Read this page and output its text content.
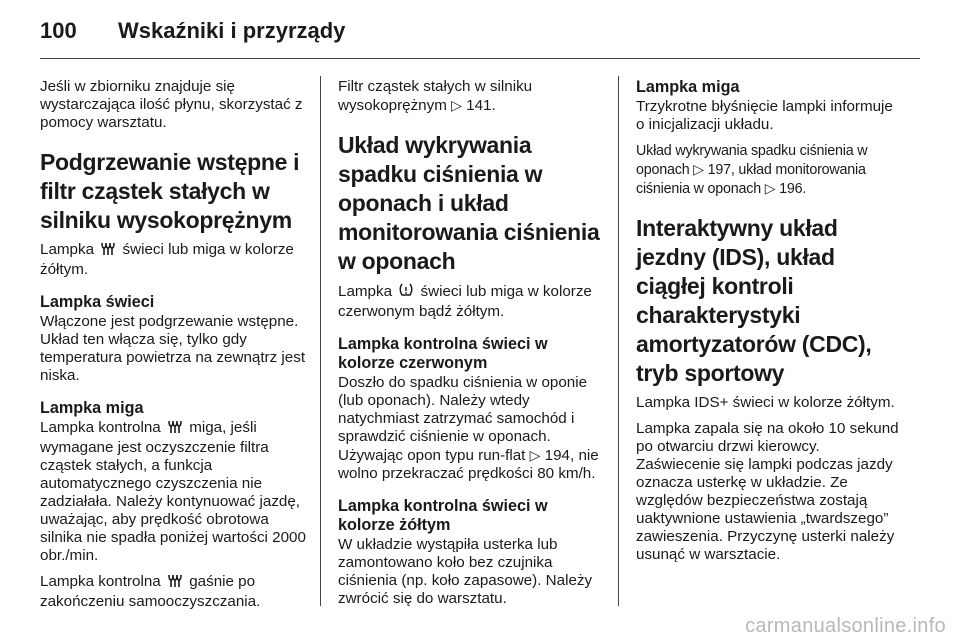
100	Wskaźniki i przyrządy

Jeśli w zbiorniku znajduje się wystarczająca ilość płynu, skorzystać z pomocy warsztatu.

Podgrzewanie wstępne i filtr cząstek stałych w silniku wysokoprężnym

Lampka świeci lub miga w kolorze żółtym.

Lampka świeci

Włączone jest podgrzewanie wstępne. Układ ten włącza się, tylko gdy temperatura powietrza na zewnątrz jest niska.

Lampka miga

Lampka kontrolna miga, jeśli wymagane jest oczyszczenie filtra cząstek stałych, a funkcja automatycznego czyszczenia nie zadziałała. Należy kontynuować jazdę, uważając, aby prędkość obrotowa silnika nie spadła poniżej wartości 2000 obr./min.

Lampka kontrolna gaśnie po zakończeniu samooczyszczania.

Filtr cząstek stałych w silniku wysokoprężnym ▷ 141.

Układ wykrywania spadku ciśnienia w oponach i układ monitorowania ciśnienia w oponach

Lampka świeci lub miga w kolorze czerwonym bądź żółtym.

Lampka kontrolna świeci w kolorze czerwonym

Doszło do spadku ciśnienia w oponie (lub oponach). Należy wtedy natychmiast zatrzymać samochód i sprawdzić ciśnienie w oponach. Używając opon typu run-flat ▷ 194, nie wolno przekraczać prędkości 80 km/h.

Lampka kontrolna świeci w kolorze żółtym

W układzie wystąpiła usterka lub zamontowano koło bez czujnika ciśnienia (np. koło zapasowe). Należy zwrócić się do warsztatu.

Lampka miga

Trzykrotne błyśnięcie lampki informuje o inicjalizacji układu.

Układ wykrywania spadku ciśnienia w oponach ▷ 197, układ monitorowania ciśnienia w oponach ▷ 196.

Interaktywny układ jezdny (IDS), układ ciągłej kontroli charakterystyki amortyzatorów (CDC), tryb sportowy

Lampka IDS+ świeci w kolorze żółtym.

Lampka zapala się na około 10 sekund po otwarciu drzwi kierowcy. Zaświecenie się lampki podczas jazdy oznacza usterkę w układzie. Ze względów bezpieczeństwa zostają uaktywnione ustawienia „twardszego” zawieszenia. Przyczynę usterki należy usunąć w warsztacie.

carmanualsonline.info
